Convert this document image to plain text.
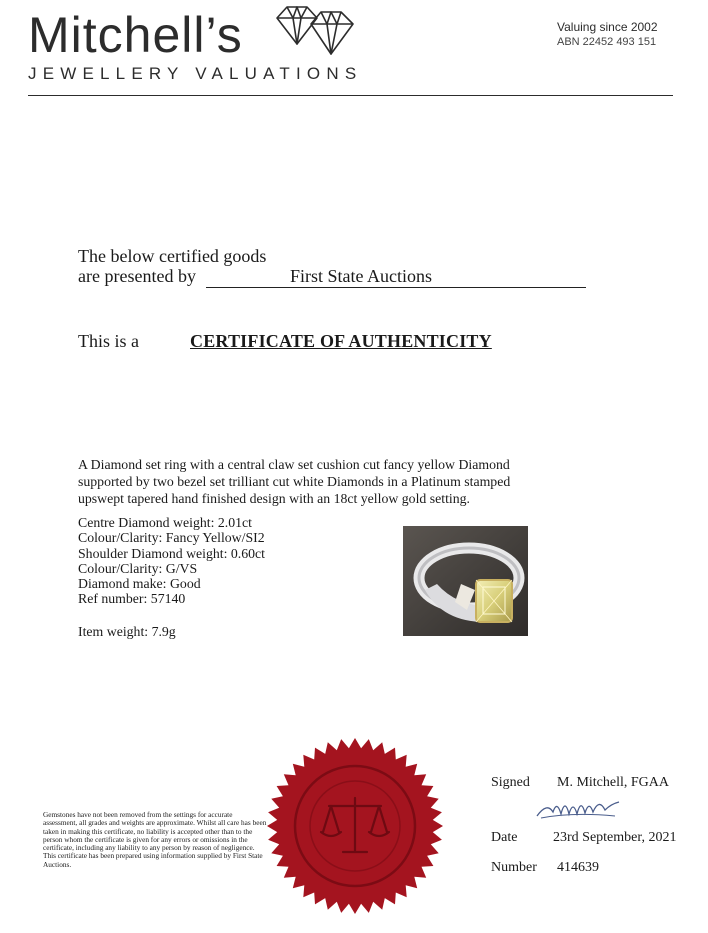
Mitchell’s
JEWELLERY VALUATIONS
Valuing since 2002
ABN 22452 493 151
The below certified goods
are presented by	First State Auctions
This is a	CERTIFICATE OF AUTHENTICITY
A Diamond set ring with a central claw set cushion cut fancy yellow Diamond supported by two bezel set trilliant cut white Diamonds in a Platinum stamped upswept tapered hand finished design with an 18ct yellow gold setting.
Centre Diamond weight: 2.01ct
Colour/Clarity: Fancy Yellow/SI2
Shoulder Diamond weight: 0.60ct
Colour/Clarity: G/VS
Diamond make: Good
Ref number: 57140
Item weight: 7.9g
Gemstones have not been removed from the settings for accurate assessment, all grades and weights are approximate. Whilst all care has been taken in making this certificate, no liability is accepted other than to the person whom the certificate is given for any errors or omissions in the certificate, including any liability to any person by reason of negligence. This certificate has been prepared using information supplied by First State Auctions.
Signed M. Mitchell, FGAA
Date	23rd September, 2021
Number 414639
